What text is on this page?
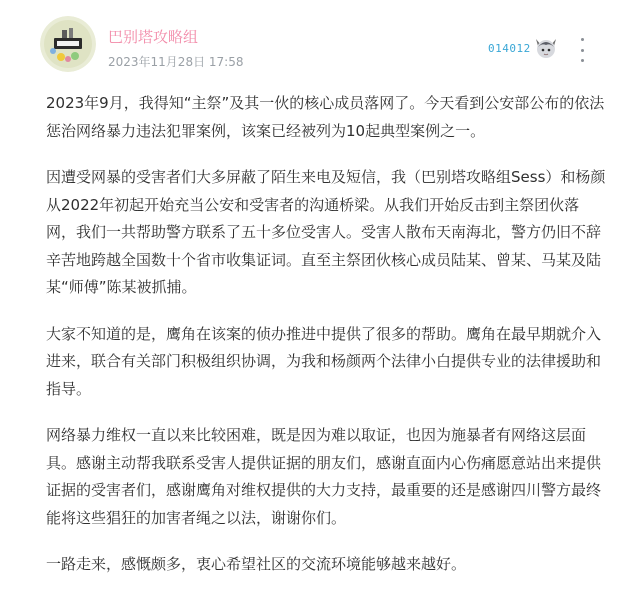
巴别塔攻略组
2023年11月28日 17:58
014012

2023年9月，我得知“主祭”及其一伙的核心成员落网了。今天看到公安部公布的依法惩治网络暴力违法犯罪案例，该案已经被列为10起典型案例之一。

因遭受网暴的受害者们大多屏蔽了陌生来电及短信，我（巴别塔攻略组Sess）和杨颜从2022年初起开始充当公安和受害者的沟通桥梁。从我们开始反击到主祭团伙落网，我们一共帮助警方联系了五十多位受害人。受害人散布天南海北，警方仍旧不辞辛苦地跨越全国数十个省市收集证词。直至主祭团伙核心成员陆某、曾某、马某及陆某“师傅”陈某被抓捕。

大家不知道的是，鹰角在该案的侦办推进中提供了很多的帮助。鹰角在最早期就介入进来，联合有关部门积极组织协调，为我和杨颜两个法律小白提供专业的法律援助和指导。

网络暴力维权一直以来比较困难，既是因为难以取证，也因为施暴者有网络这层面具。感谢主动帮我联系受害人提供证据的朋友们，感谢直面内心伤痛愿意站出来提供证据的受害者们，感谢鹰角对维权提供的大力支持，最重要的还是感谢四川警方最终能将这些猖狂的加害者绳之以法，谢谢你们。

一路走来，感慨颇多，衷心希望社区的交流环境能够越来越好。
